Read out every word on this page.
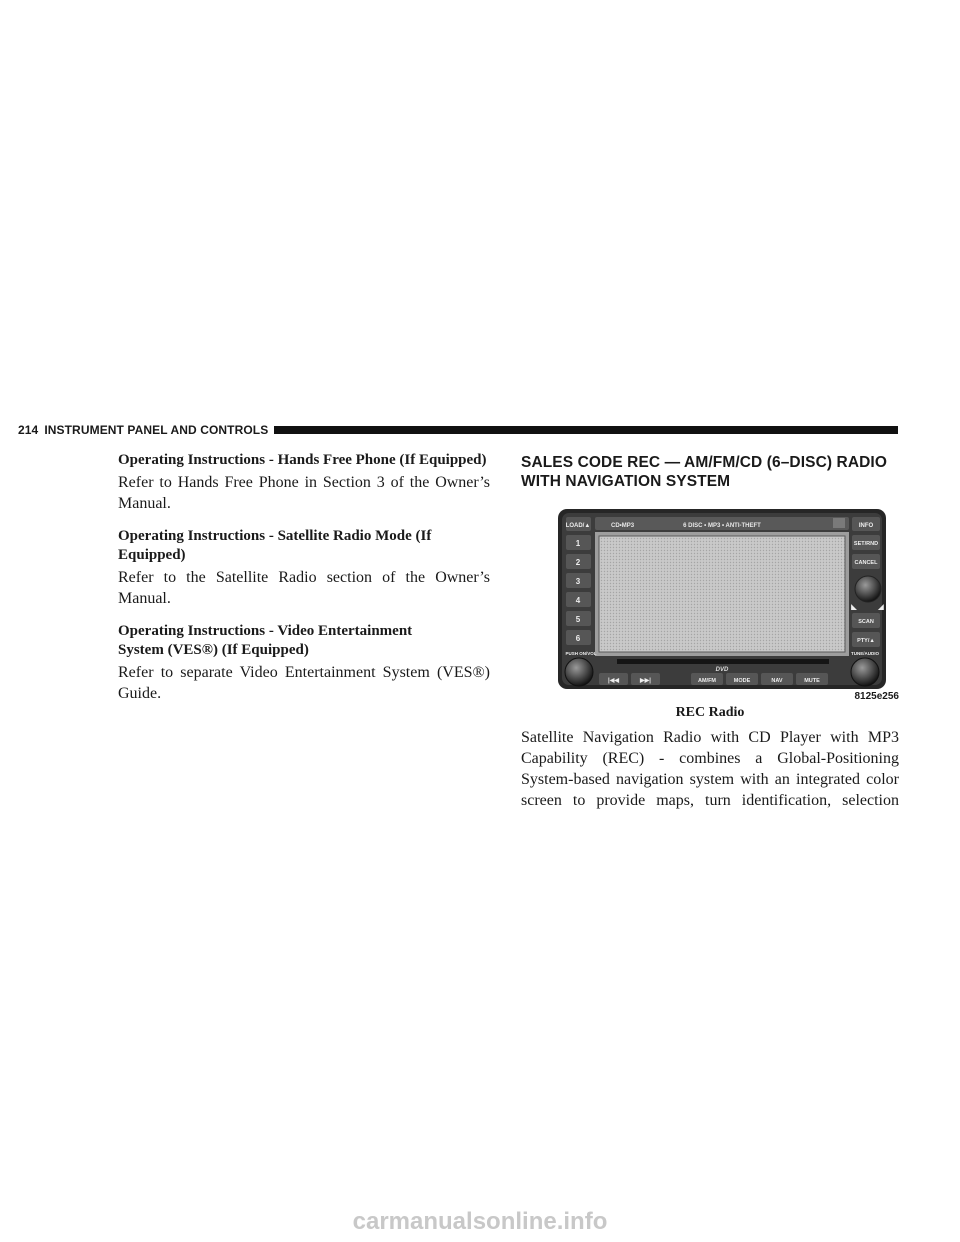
214 INSTRUMENT PANEL AND CONTROLS

Operating Instructions - Hands Free Phone (If Equipped)

Refer to Hands Free Phone in Section 3 of the Owner’s Manual.

Operating Instructions - Satellite Radio Mode (If Equipped)

Refer to the Satellite Radio section of the Owner’s Manual.

Operating Instructions - Video Entertainment
System (VES®) (If Equipped)

Refer to separate Video Entertainment System (VES®) Guide.

SALES CODE REC — AM/FM/CD (6–DISC) RADIO
WITH NAVIGATION SYSTEM

CD•MP3	6 DISC • MP3 • ANTI-THEFT
LOAD/▲
1
2
3
4
5
6
INFO
SET/RND
CANCEL
◣	◢
SCAN
PTY/▲
PUSH ON/VOL	TUNE/AUDIO
DVD
|◀◀	▶▶|	AM/FM	MODE	NAV	MUTE
8125e256

REC Radio

Satellite Navigation Radio with CD Player with MP3
Capability (REC) - combines a Global-Positioning
System-based navigation system with an integrated color
screen to provide maps, turn identification, selection

carmanualsonline.info
